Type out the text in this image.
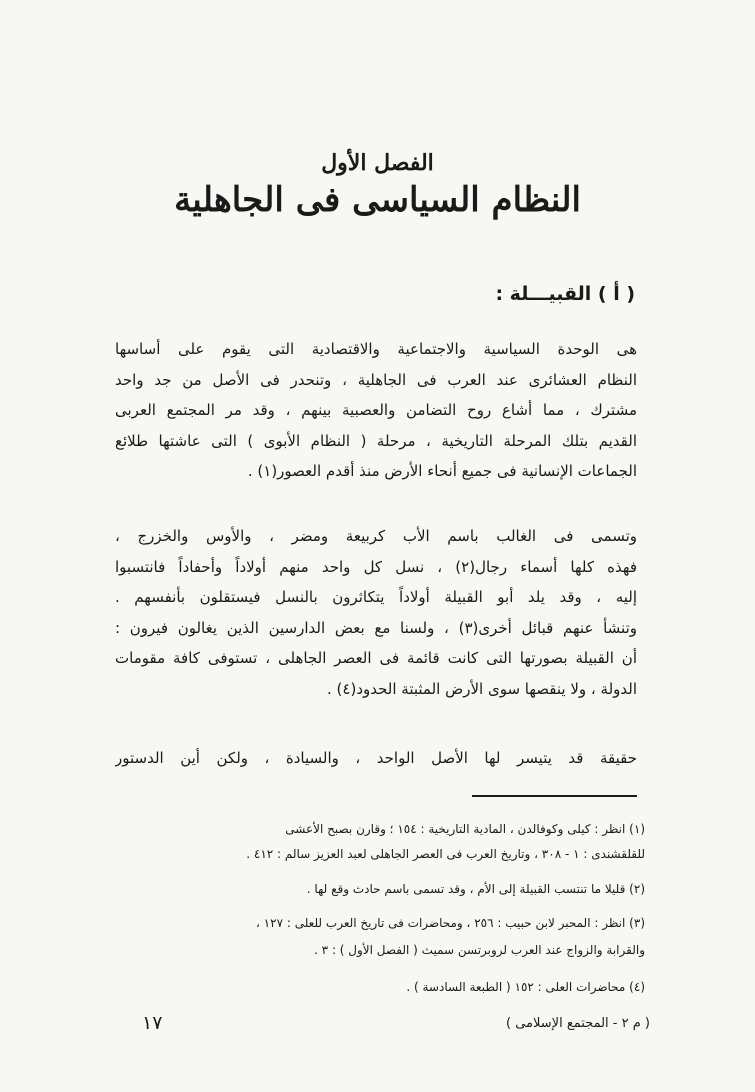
الفصل الأول
النظام السياسى فى الجاهلية
( أ ) القبيـــلة :

هى الوحدة السياسية والاجتماعية والاقتصادية التى يقوم على أساسها
النظام العشائرى عند العرب فى الجاهلية ، وتنحدر فى الأصل من جد واحد
مشترك ، مما أشاع روح التضامن والعصبية بينهم ، وقد مر المجتمع العربى
القديم بتلك المرحلة التاريخية ، مرحلة ( النظام الأبوى ) التى عاشتها طلائع
الجماعات الإنسانية فى جميع أنحاء الأرض منذ أقدم العصور(١) .

وتسمى فى الغالب باسم الأب كربيعة ومضر ، والأوس والخزرج ،
فهذه كلها أسماء رجال(٢) ، نسل كل واحد منهم أولاداً وأحفاداً فانتسبوا
إليه ، وقد يلد أبو القبيلة أولاداً يتكاثرون بالنسل فيستقلون بأنفسهم .
وتنشأ عنهم قبائل أخرى(٣) ، ولسنا مع بعض الدارسين الذين يغالون فيرون :
أن القبيلة بصورتها التى كانت قائمة فى العصر الجاهلى ، تستوفى كافة مقومات
الدولة ، ولا ينقصها سوى الأرض المثبتة الحدود(٤) .

حقيقة قد يتيسر لها الأصل الواحد ، والسيادة ، ولكن أين الدستور

(١) انظر : كيلى وكوفالدن ، المادية التاريخية : ١٥٤ ؛ وقارن بصبح الأعشى
للقلقشندى : ١ - ٣٠٨ ، وتاريخ العرب فى العصر الجاهلى لعبد العزيز سالم : ٤١٢ .
(٢) قليلا ما تنتسب القبيلة إلى الأم ، وقد تسمى باسم حادث وقع لها .
(٣) انظر : المحبر لابن حبيب : ٢٥٦ ، ومحاضرات فى تاريخ العرب للعلى : ١٢٧ ،
والقرابة والزواج عند العرب لروبرتسن سميث ( الفصل الأول ) : ٣ .
(٤) محاضرات العلى : ١٥٢ ( الطبعة السادسة ) .
١٧	( م ٢ - المجتمع الإسلامى )
